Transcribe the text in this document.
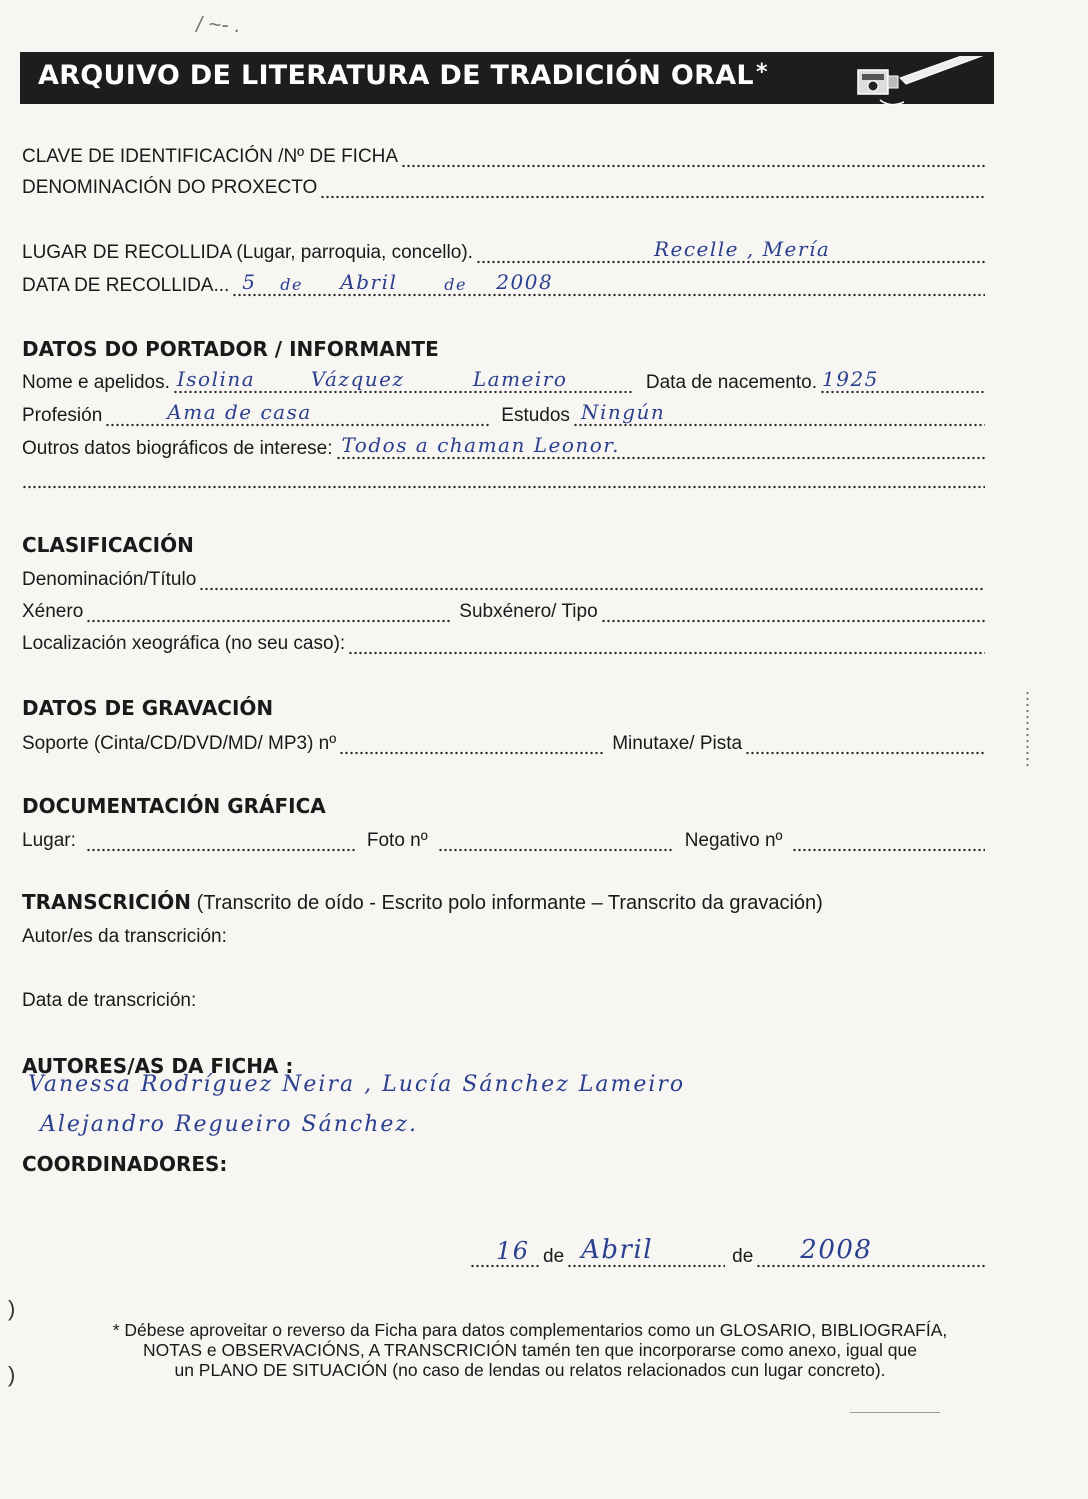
/ ~- .
ARQUIVO DE LITERATURA DE TRADICIÓN ORAL*
CLAVE DE IDENTIFICACIÓN /Nº DE FICHA
DENOMINACIÓN DO PROXECTO
LUGAR DE RECOLLIDA (Lugar, parroquia, concello).	Recelle , Mería
DATA DE RECOLLIDA... 5 de Abril	de 2008
DATOS DO PORTADOR / INFORMANTE
Nome e apelidos. Isolina	Vázquez	Lameiro	Data de nacemento. 1925
Profesión	Ama de casa	Estudos Ningún
Outros datos biográficos de interese: Todos a chaman Leonor.
CLASIFICACIÓN
Denominación/Título
Xénero	Subxénero/ Tipo
Localización xeográfica (no seu caso):
DATOS DE GRAVACIÓN
Soporte (Cinta/CD/DVD/MD/ MP3) nº	Minutaxe/ Pista
DOCUMENTACIÓN GRÁFICA
Lugar:	Foto nº	Negativo nº
TRANSCRICIÓN (Transcrito de oído - Escrito polo informante – Transcrito da gravación)
Autor/es da transcrición:
Data de transcrición:
AUTORES/AS DA FICHA :
Vanessa Rodríguez Neira , Lucía Sánchez Lameiro
Alejandro Regueiro Sánchez.
COORDINADORES:
16 de Abril	de 2008
* Débese aproveitar o reverso da Ficha para datos complementarios como un GLOSARIO, BIBLIOGRAFÍA,
NOTAS e OBSERVACIÓNS, A TRANSCRICIÓN tamén ten que incorporarse como anexo, igual que
un PLANO DE SITUACIÓN (no caso de lendas ou relatos relacionados cun lugar concreto).
)
)
